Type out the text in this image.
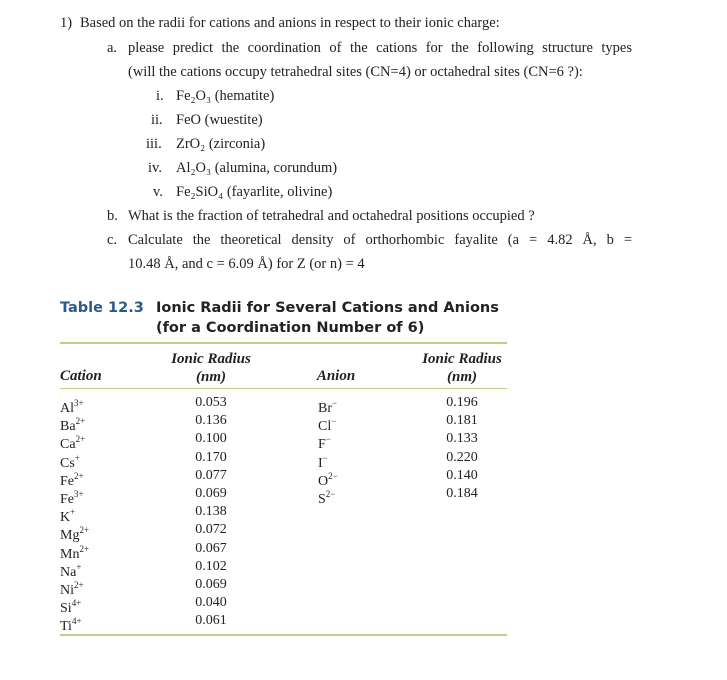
1) Based on the radii for cations and anions in respect to their ionic charge:
a. please predict the coordination of the cations for the following structure types
(will the cations occupy tetrahedral sites (CN=4) or octahedral sites (CN=6 ?):
i. Fe₂O₃ (hematite)
ii. FeO (wuestite)
iii. ZrO₂ (zirconia)
iv. Al₂O₃ (alumina, corundum)
v. Fe₂SiO₄ (fayarlite, olivine)
b. What is the fraction of tetrahedral and octahedral positions occupied ?
c. Calculate the theoretical density of orthorhombic fayalite (a = 4.82 Å, b =
10.48 Å, and c = 6.09 Å) for Z (or n) = 4
Table 12.3 Ionic Radii for Several Cations and Anions
(for a Coordination Number of 6)
Cation
Ionic Radius
(nm)	Anion
Ionic Radius
(nm)
$Al^{3+}$
$Ba^{2+}$
$Ca^{2+}$
Cs+
$Fe^{2+}$
$Fe^{3+}$
K+
$Mg^{2+}$
$Mn^{2+}$
Na+
$Ni^{2+}$
$Si^{4+}$
$Ti^{4+}$
0.053
0.136
0.100
0.170
0.077
0.069
0.138
0.072
0.067
0.102
0.069
0.040
0.061
Br−
Cl−
F−
I−
$O^{2-}$
$S^{2-}$
0.196
0.181
0.133
0.220
0.140
0.184
